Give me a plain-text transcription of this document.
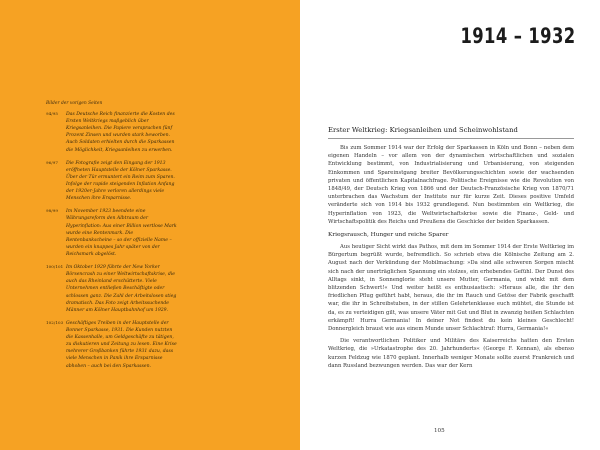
Bilder der vorigen Seiten
94/95	Das Deutsche Reich finanzierte die Kosten des Ersten Weltkriegs maßgeblich über Kriegsanleihen. Die Papiere versprachen fünf Prozent Zinsen und wurden stark beworben. Auch Soldaten erhielten durch die Sparkassen die Möglichkeit, Kriegsanleihen zu erwerben.
96/97	Die Fotografie zeigt den Eingang der 1913 eröffneten Hauptstelle der Kölner Sparkasse. Über der Tür ermuntert ein Reim zum Sparen. Infolge der rapide steigenden Inflation Anfang der 1920er-Jahre verloren allerdings viele Menschen ihre Ersparnisse.
98/99	Im November 1923 beendete eine Währungsreform den Albtraum der Hyperinflation: Aus einer Billion wertlose Mark wurde eine Rentenmark. Die Rentenbankscheine – so der offizielle Name – wurden ein knappes Jahr später von der Reichsmark abgelöst.
100/101 Im Oktober 1929 führte der New Yorker Börsencrash zu einer Weltwirtschaftskrise, die auch das Rheinland erschütterte. Viele Unternehmen entließen Beschäftigte oder schlossen ganz. Die Zahl der Arbeitslosen stieg dramatisch. Das Foto zeigt Arbeitssuchende Männer am Kölner Hauptbahnhof um 1929.
102/103 Geschäftiges Treiben in der Hauptstelle der Bonner Sparkasse, 1931. Die Kunden nutzten die Kassenhalle, um Geldgeschäfte zu tätigen, zu diskutieren und Zeitung zu lesen. Eine Krise mehrerer Großbanken führte 1931 dazu, dass viele Menschen in Panik ihre Ersparnisse abhoben – auch bei den Sparkassen.
1914 – 1932
Erster Weltkrieg: Kriegsanleihen und Scheinwohlstand

Bis zum Sommer 1914 war der Erfolg der Sparkassen in Köln und Bonn – neben dem eigenen Handeln – vor allem von der dynamischen wirtschaftlichen und sozialen Entwicklung bestimmt, von Industrialisierung und Urbanisierung, von steigenden Einkommen und Spareinstgang breiter Bevölkerungsschichten sowie der wachsenden privaten und öffentlichen Kapitalnachfrage. Politische Ereignisse wie die Revolution von 1848/49, der Deutsch Krieg von 1866 und der Deutsch-Französische Krieg von 1870/71 unterbrachen das Wachstum der Institute nur für kurze Zeit. Dieses positive Umfeld veränderte sich von 1914 bis 1932 grundlegend. Nun bestimmten ein Weltkrieg, die Hyperinflation von 1923, die Weltwirtschaftskrise sowie die Finanz-, Geld- und Wirtschaftspolitik des Reichs und Preußens die Geschicke der beiden Sparkassen.

Kriegsrausch, Hunger und reiche Sparer

Aus heutiger Sicht wirkt das Pathos, mit dem im Sommer 1914 der Erste Weltkrieg im Bürgertum begrüßt wurde, befremdlich. So schrieb etwa die Kölnische Zeitung am 2. August nach der Verkündung der Mobilmachung: »Da sind alle schweren Sorgen mischt sich nach der unerträglichen Spannung ein stolzes, ein erhebendes Gefühl. Der Dunst des Alltags sinkt, in Sonnenglorie steht unsere Mutter, Germania, und winkt mit dem blitzenden Schwert!« Und weiter heißt es enthusiastisch: »Heraus alle, die ihr den friedlichen Pflug geführt habt, heraus, die ihr im Rauch und Getöse der Fabrik geschafft war, die ihr in Schreibstuben, in der stillen Gelehrtenklause euch mühtet, die Stunde ist da, es zu verteidigen gilt, was unsere Väter mit Gut und Blut in zwanzig heißen Schlachten erkämpft! Hurra Germania! In deiner Not findest du kein kleines Geschlecht! Donnergleich braust wie aus einem Munde unser Schlachtruf: Hurra, Germania!«

Die verantwortlichen Politiker und Militärs des Kaiserreichs hatten den Ersten Weltkrieg, die »Urkatastrophe des 20. Jahrhunderts« (George F. Kennan), als ebenso kurzen Feldzug wie 1870 geplant. Innerhalb weniger Monate sollte zuerst Frankreich und dann Russland bezwungen werden. Das war der Kern

105
